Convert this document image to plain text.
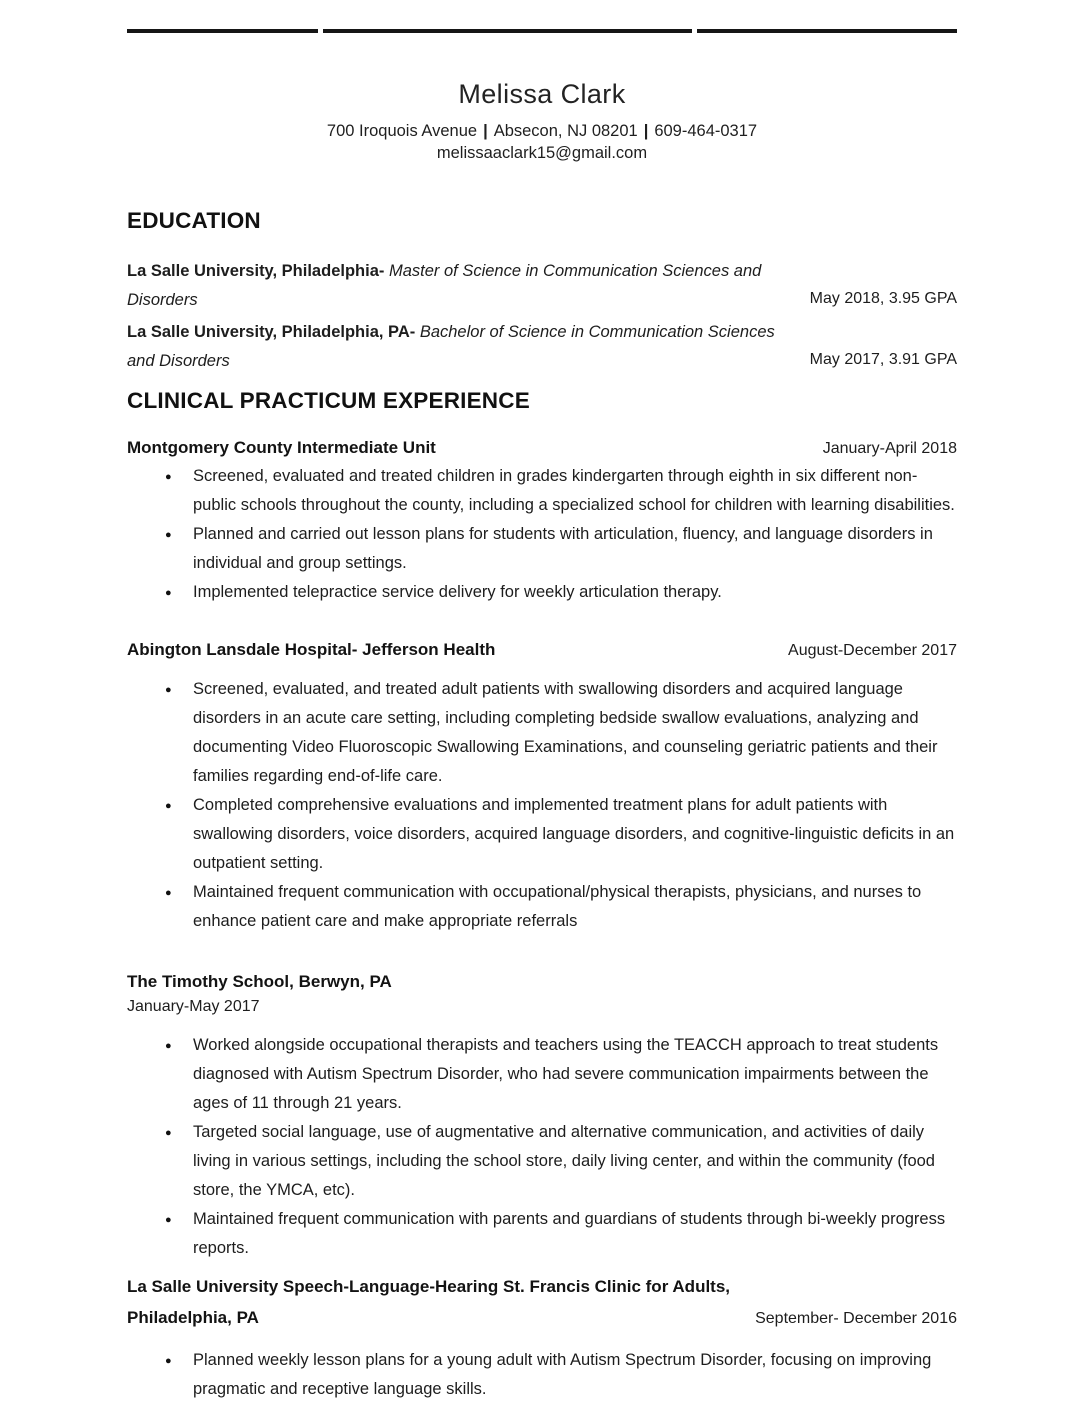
Melissa Clark
700 Iroquois Avenue | Absecon, NJ 08201 | 609-464-0317
melissaaclark15@gmail.com
EDUCATION
La Salle University, Philadelphia- Master of Science in Communication Sciences and
Disorders	May 2018, 3.95 GPA
La Salle University, Philadelphia, PA- Bachelor of Science in Communication Sciences
and Disorders	May 2017, 3.91 GPA
CLINICAL PRACTICUM EXPERIENCE
Montgomery County Intermediate Unit	January-April 2018
● Screened, evaluated and treated children in grades kindergarten through eighth in six different non-public schools throughout the county, including a specialized school for children with learning disabilities.
● Planned and carried out lesson plans for students with articulation, fluency, and language disorders in individual and group settings.
● Implemented telepractice service delivery for weekly articulation therapy.
Abington Lansdale Hospital- Jefferson Health	August-December 2017
● Screened, evaluated, and treated adult patients with swallowing disorders and acquired language disorders in an acute care setting, including completing bedside swallow evaluations, analyzing and documenting Video Fluoroscopic Swallowing Examinations, and counseling geriatric patients and their families regarding end-of-life care.
● Completed comprehensive evaluations and implemented treatment plans for adult patients with swallowing disorders, voice disorders, acquired language disorders, and cognitive-linguistic deficits in an outpatient setting.
● Maintained frequent communication with occupational/physical therapists, physicians, and nurses to enhance patient care and make appropriate referrals
The Timothy School, Berwyn, PA
January-May 2017
● Worked alongside occupational therapists and teachers using the TEACCH approach to treat students diagnosed with Autism Spectrum Disorder, who had severe communication impairments between the ages of 11 through 21 years.
● Targeted social language, use of augmentative and alternative communication, and activities of daily living in various settings, including the school store, daily living center, and within the community (food store, the YMCA, etc).
● Maintained frequent communication with parents and guardians of students through bi-weekly progress reports.
La Salle University Speech-Language-Hearing St. Francis Clinic for Adults,
Philadelphia, PA	September- December 2016
● Planned weekly lesson plans for a young adult with Autism Spectrum Disorder, focusing on improving pragmatic and receptive language skills.
